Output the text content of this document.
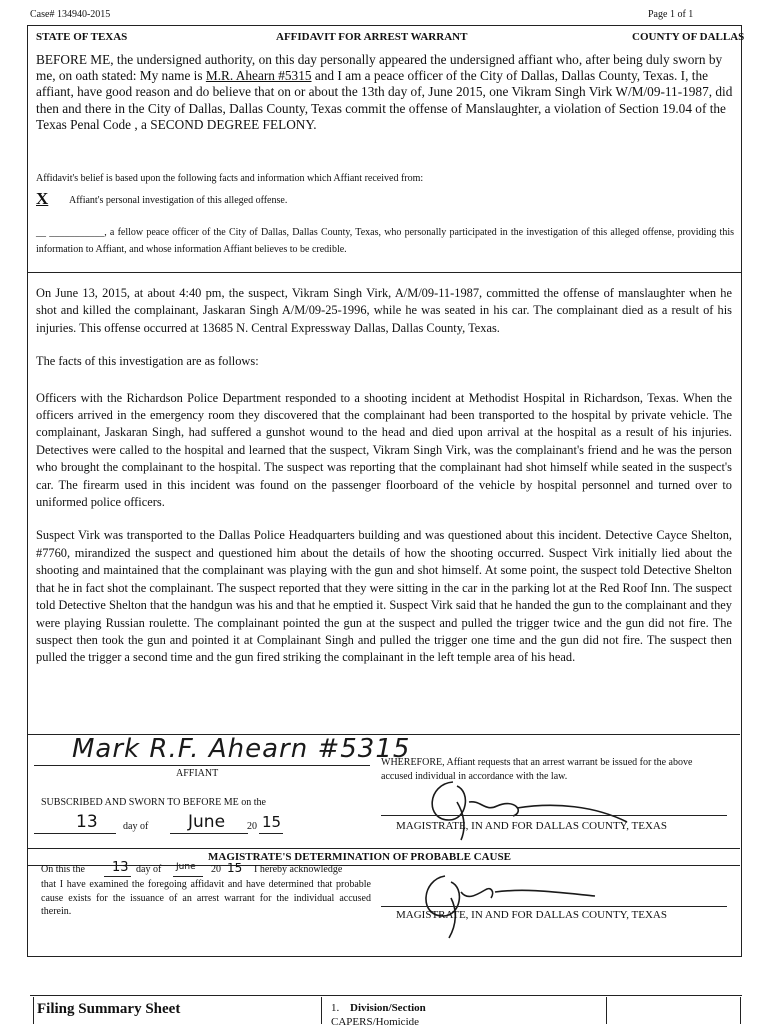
Case# 134940-2015	Page 1 of 1
STATE OF TEXAS	AFFIDAVIT FOR ARREST WARRANT	COUNTY OF DALLAS
BEFORE ME, the undersigned authority, on this day personally appeared the undersigned affiant who, after being duly sworn by me, on oath stated: My name is M.R. Ahearn #5315 and I am a peace officer of the City of Dallas, Dallas County, Texas. I, the affiant, have good reason and do believe that on or about the 13th day of, June 2015, one Vikram Singh Virk W/M/09-11-1987, did then and there in the City of Dallas, Dallas County, Texas commit the offense of Manslaughter, a violation of Section 19.04 of the Texas Penal Code , a SECOND DEGREE FELONY.
Affidavit's belief is based upon the following facts and information which Affiant received from:
X Affiant's personal investigation of this alleged offense.
__ ___________, a fellow peace officer of the City of Dallas, Dallas County, Texas, who personally participated in the investigation of this alleged offense, providing this information to Affiant, and whose information Affiant believes to be credible.

On June 13, 2015, at about 4:40 pm, the suspect, Vikram Singh Virk, A/M/09-11-1987, committed the offense of manslaughter when he shot and killed the complainant, Jaskaran Singh A/M/09-25-1996, while he was seated in his car. The complainant died as a result of his injuries. This offense occurred at 13685 N. Central Expressway Dallas, Dallas County, Texas.

The facts of this investigation are as follows:

Officers with the Richardson Police Department responded to a shooting incident at Methodist Hospital in Richardson, Texas. When the officers arrived in the emergency room they discovered that the complainant had been transported to the hospital by private vehicle. The complainant, Jaskaran Singh, had suffered a gunshot wound to the head and died upon arrival at the hospital as a result of his injuries. Detectives were called to the hospital and learned that the suspect, Vikram Singh Virk, was the complainant's friend and he was the person who brought the complainant to the hospital. The suspect was reporting that the complainant had shot himself while seated in the suspect's car. The firearm used in this incident was found on the passenger floorboard of the vehicle by hospital personnel and turned over to uniformed police officers.

Suspect Virk was transported to the Dallas Police Headquarters building and was questioned about this incident. Detective Cayce Shelton, #7760, mirandized the suspect and questioned him about the details of how the shooting occurred. Suspect Virk initially lied about the shooting and maintained that the complainant was playing with the gun and shot himself. At some point, the suspect told Detective Shelton that he in fact shot the complainant. The suspect reported that they were sitting in the car in the parking lot at the Red Roof Inn. The suspect told Detective Shelton that the handgun was his and that he emptied it. Suspect Virk said that he handed the gun to the complainant and they were playing Russian roulette. The complainant pointed the gun at the suspect and pulled the trigger twice and the gun did not fire. The suspect then took the gun and pointed it at Complainant Singh and pulled the trigger one time and the gun did not fire. The suspect then pulled the trigger a second time and the gun fired striking the complainant in the left temple area of his head.

Mark R.F. Ahearn #5315
AFFIANT
WHEREFORE, Affiant requests that an arrest warrant be issued for the above accused individual in accordance with the law.
SUBSCRIBED AND SWORN TO BEFORE ME on the
13	day of June 20 15	MAGISTRATE, IN AND FOR DALLAS COUNTY, TEXAS
MAGISTRATE'S DETERMINATION OF PROBABLE CAUSE
On this the 13 day of June 20 15 I hereby acknowledge
that I have examined the foregoing affidavit and have determined that probable cause exists for the issuance of an arrest warrant for the individual accused therein.	MAGISTRATE, IN AND FOR DALLAS COUNTY, TEXAS
Filing Summary Sheet	1. Division/Section
CAPERS/Homicide
